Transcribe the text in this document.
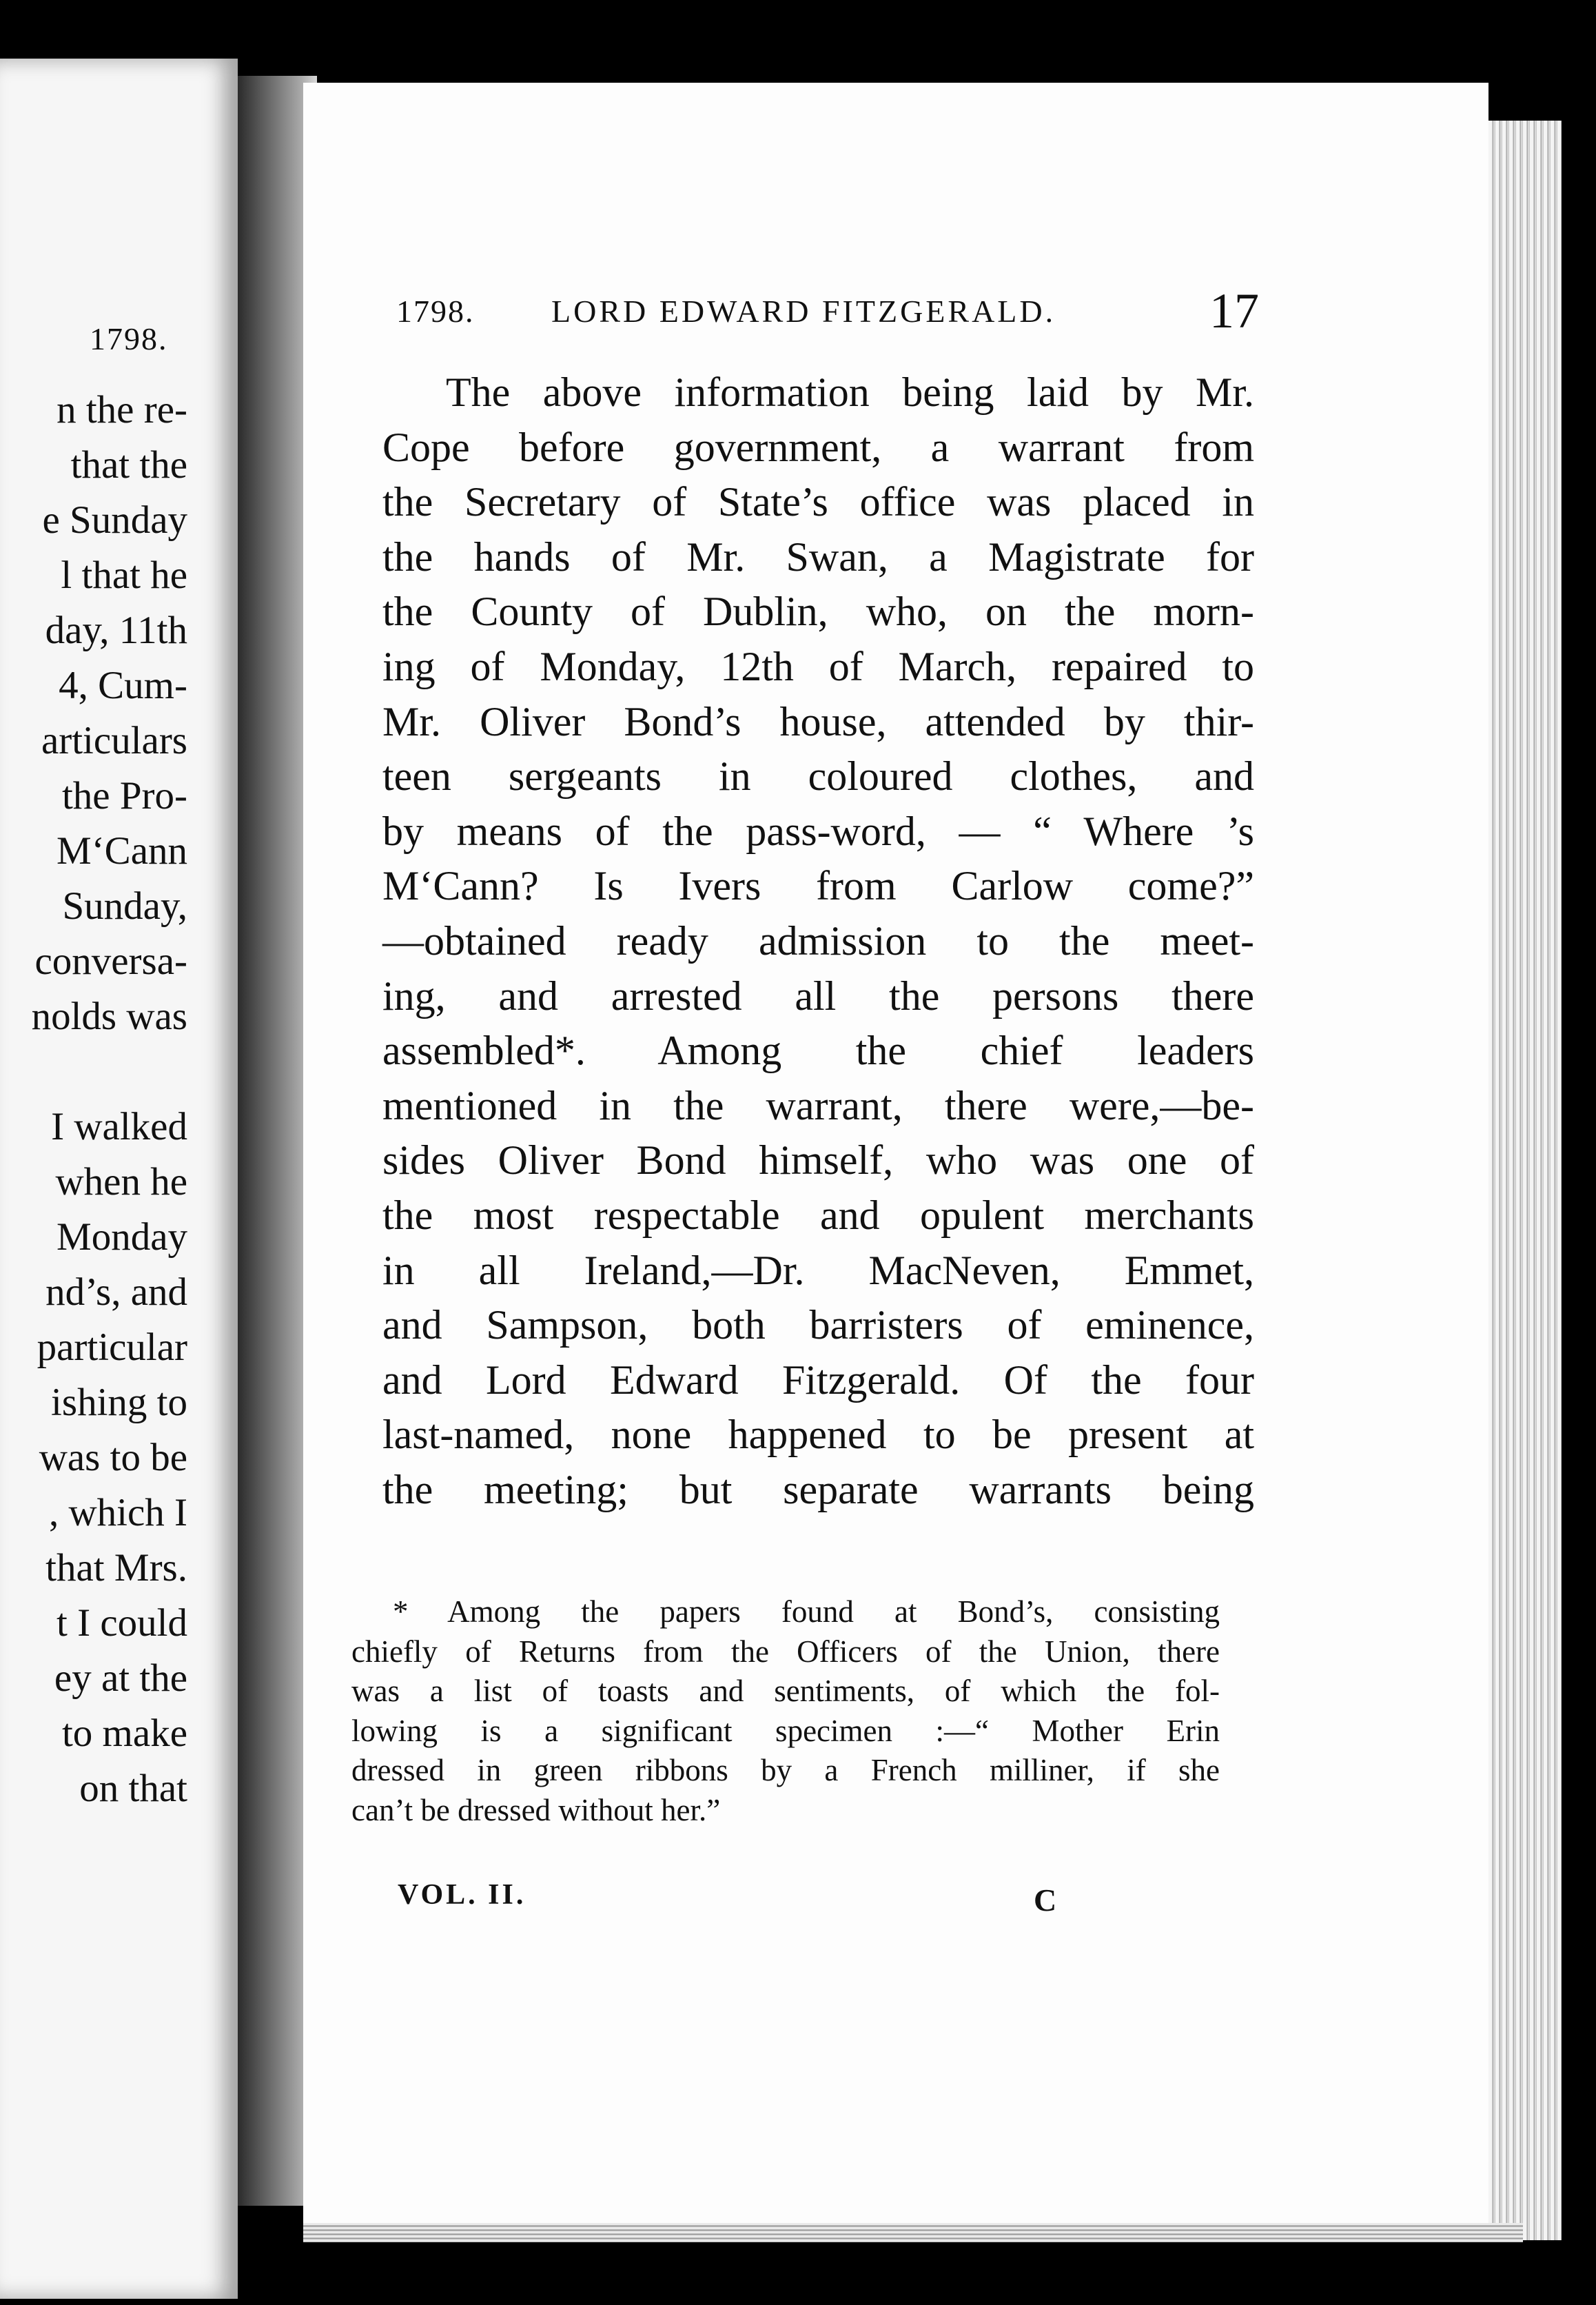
1798.
n the re-
that the
e Sunday
l that he
day, 11th
4, Cum-
articulars
the Pro-
M‘Cann
Sunday,
conversa-
nolds was
I walked
when he
Monday
nd’s, and
particular
ishing to
was to be
, which I
that Mrs.
t I could
ey at the
to make
on that
1798. LORD EDWARD FITZGERALD.	17
The above information being laid by Mr.
Cope before government, a warrant from
the Secretary of State’s office was placed in
the hands of Mr. Swan, a Magistrate for
the County of Dublin, who, on the morn-
ing of Monday, 12th of March, repaired to
Mr. Oliver Bond’s house, attended by thir-
teen sergeants in coloured clothes, and
by means of the pass-word, — “ Where ’s
M‘Cann? Is Ivers from Carlow come?”
—obtained ready admission to the meet-
ing, and arrested all the persons there
assembled*. Among the chief leaders
mentioned in the warrant, there were,—be-
sides Oliver Bond himself, who was one of
the most respectable and opulent merchants
in all Ireland,—Dr. MacNeven, Emmet,
and Sampson, both barristers of eminence,
and Lord Edward Fitzgerald. Of the four
last-named, none happened to be present at
the meeting; but separate warrants being
* Among the papers found at Bond’s, consisting
chiefly of Returns from the Officers of the Union, there
was a list of toasts and sentiments, of which the fol-
lowing is a significant specimen :—“ Mother Erin
dressed in green ribbons by a French milliner, if she
can’t be dressed without her.”
VOL. II.	C
